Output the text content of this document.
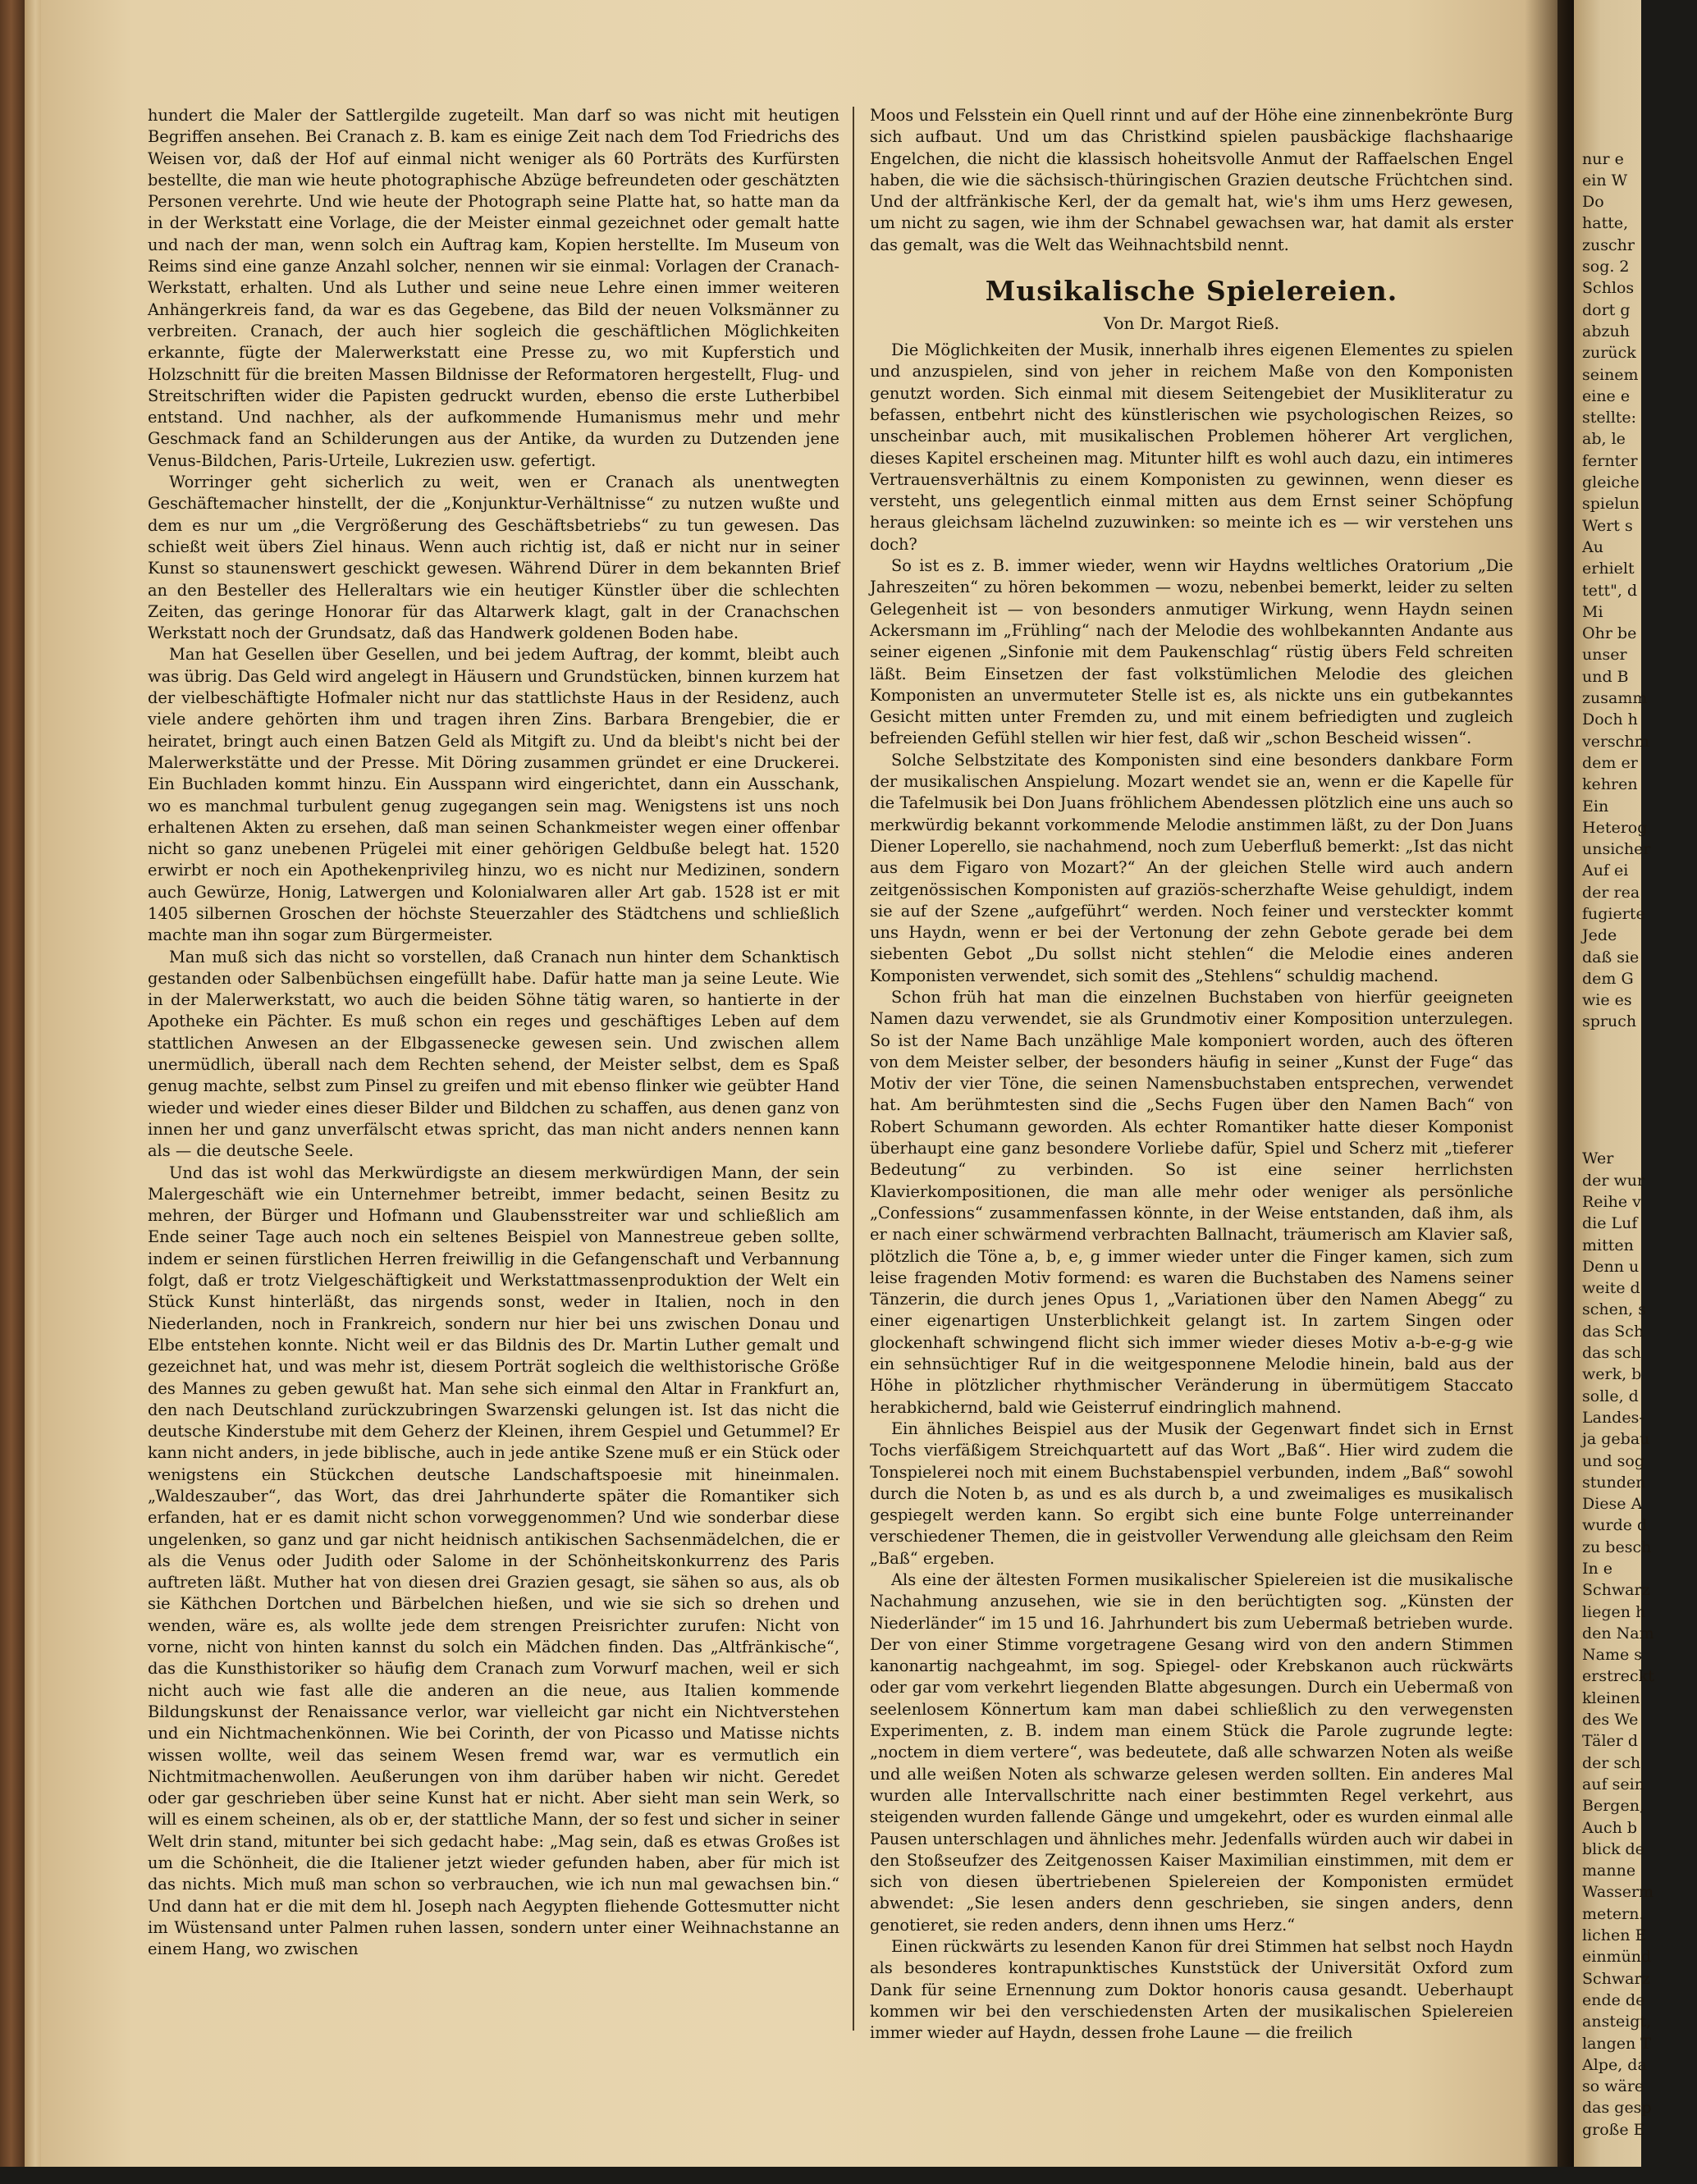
hundert die Maler der Sattlergilde zugeteilt. Man darf so was nicht mit heutigen Begriffen ansehen. Bei Cranach z. B. kam es einige Zeit nach dem Tod Friedrichs des Weisen vor, daß der Hof auf einmal nicht weniger als 60 Porträts des Kurfürsten bestellte, die man wie heute photographische Abzüge befreundeten oder geschätzten Personen verehrte. Und wie heute der Photograph seine Platte hat, so hatte man da in der Werkstatt eine Vorlage, die der Meister einmal gezeichnet oder gemalt hatte und nach der man, wenn solch ein Auftrag kam, Kopien herstellte. Im Museum von Reims sind eine ganze Anzahl solcher, nennen wir sie einmal: Vorlagen der Cranach-Werkstatt, erhalten. Und als Luther und seine neue Lehre einen immer weiteren Anhängerkreis fand, da war es das Gegebene, das Bild der neuen Volksmänner zu verbreiten. Cranach, der auch hier sogleich die geschäftlichen Möglichkeiten erkannte, fügte der Malerwerkstatt eine Presse zu, wo mit Kupferstich und Holzschnitt für die breiten Massen Bildnisse der Reformatoren hergestellt, Flug- und Streitschriften wider die Papisten gedruckt wurden, ebenso die erste Lutherbibel entstand. Und nachher, als der aufkommende Humanismus mehr und mehr Geschmack fand an Schilderungen aus der Antike, da wurden zu Dutzenden jene Venus-Bildchen, Paris-Urteile, Lukrezien usw. gefertigt.

Worringer geht sicherlich zu weit, wen er Cranach als unentwegten Geschäftemacher hinstellt, der die „Konjunktur-Verhältnisse“ zu nutzen wußte und dem es nur um „die Vergrößerung des Geschäftsbetriebs“ zu tun gewesen. Das schießt weit übers Ziel hinaus. Wenn auch richtig ist, daß er nicht nur in seiner Kunst so staunenswert geschickt gewesen. Während Dürer in dem bekannten Brief an den Besteller des Helleraltars wie ein heutiger Künstler über die schlechten Zeiten, das geringe Honorar für das Altarwerk klagt, galt in der Cranachschen Werkstatt noch der Grundsatz, daß das Handwerk goldenen Boden habe.

Man hat Gesellen über Gesellen, und bei jedem Auftrag, der kommt, bleibt auch was übrig. Das Geld wird angelegt in Häusern und Grundstücken, binnen kurzem hat der vielbeschäftigte Hofmaler nicht nur das stattlichste Haus in der Residenz, auch viele andere gehörten ihm und tragen ihren Zins. Barbara Brengebier, die er heiratet, bringt auch einen Batzen Geld als Mitgift zu. Und da bleibt's nicht bei der Malerwerkstätte und der Presse. Mit Döring zusammen gründet er eine Druckerei. Ein Buchladen kommt hinzu. Ein Ausspann wird eingerichtet, dann ein Ausschank, wo es manchmal turbulent genug zugegangen sein mag. Wenigstens ist uns noch erhaltenen Akten zu ersehen, daß man seinen Schankmeister wegen einer offenbar nicht so ganz unebenen Prügelei mit einer gehörigen Geldbuße belegt hat. 1520 erwirbt er noch ein Apothekenprivileg hinzu, wo es nicht nur Medizinen, sondern auch Gewürze, Honig, Latwergen und Kolonialwaren aller Art gab. 1528 ist er mit 1405 silbernen Groschen der höchste Steuerzahler des Städtchens und schließlich machte man ihn sogar zum Bürgermeister.

Man muß sich das nicht so vorstellen, daß Cranach nun hinter dem Schanktisch gestanden oder Salbenbüchsen eingefüllt habe. Dafür hatte man ja seine Leute. Wie in der Malerwerkstatt, wo auch die beiden Söhne tätig waren, so hantierte in der Apotheke ein Pächter. Es muß schon ein reges und geschäftiges Leben auf dem stattlichen Anwesen an der Elbgassenecke gewesen sein. Und zwischen allem unermüdlich, überall nach dem Rechten sehend, der Meister selbst, dem es Spaß genug machte, selbst zum Pinsel zu greifen und mit ebenso flinker wie geübter Hand wieder und wieder eines dieser Bilder und Bildchen zu schaffen, aus denen ganz von innen her und ganz unverfälscht etwas spricht, das man nicht anders nennen kann als — die deutsche Seele.

Und das ist wohl das Merkwürdigste an diesem merkwürdigen Mann, der sein Malergeschäft wie ein Unternehmer betreibt, immer bedacht, seinen Besitz zu mehren, der Bürger und Hofmann und Glaubensstreiter war und schließlich am Ende seiner Tage auch noch ein seltenes Beispiel von Mannestreue geben sollte, indem er seinen fürstlichen Herren freiwillig in die Gefangenschaft und Verbannung folgt, daß er trotz Vielgeschäftigkeit und Werkstattmassenproduktion der Welt ein Stück Kunst hinterläßt, das nirgends sonst, weder in Italien, noch in den Niederlanden, noch in Frankreich, sondern nur hier bei uns zwischen Donau und Elbe entstehen konnte. Nicht weil er das Bildnis des Dr. Martin Luther gemalt und gezeichnet hat, und was mehr ist, diesem Porträt sogleich die welthistorische Größe des Mannes zu geben gewußt hat. Man sehe sich einmal den Altar in Frankfurt an, den nach Deutschland zurückzubringen Swarzenski gelungen ist. Ist das nicht die deutsche Kinderstube mit dem Geherz der Kleinen, ihrem Gespiel und Getummel? Er kann nicht anders, in jede biblische, auch in jede antike Szene muß er ein Stück oder wenigstens ein Stückchen deutsche Landschaftspoesie mit hineinmalen. „Waldeszauber“, das Wort, das drei Jahrhunderte später die Romantiker sich erfanden, hat er es damit nicht schon vorweggenommen? Und wie sonderbar diese ungelenken, so ganz und gar nicht heidnisch antikischen Sachsenmädelchen, die er als die Venus oder Judith oder Salome in der Schönheitskonkurrenz des Paris auftreten läßt. Muther hat von diesen drei Grazien gesagt, sie sähen so aus, als ob sie Käthchen Dortchen und Bärbelchen hießen, und wie sie sich so drehen und wenden, wäre es, als wollte jede dem strengen Preisrichter zurufen: Nicht von vorne, nicht von hinten kannst du solch ein Mädchen finden. Das „Altfränkische“, das die Kunsthistoriker so häufig dem Cranach zum Vorwurf machen, weil er sich nicht auch wie fast alle die anderen an die neue, aus Italien kommende Bildungskunst der Renaissance verlor, war vielleicht gar nicht ein Nichtverstehen und ein Nichtmachenkönnen. Wie bei Corinth, der von Picasso und Matisse nichts wissen wollte, weil das seinem Wesen fremd war, war es vermutlich ein Nichtmitmachenwollen. Aeußerungen von ihm darüber haben wir nicht. Geredet oder gar geschrieben über seine Kunst hat er nicht. Aber sieht man sein Werk, so will es einem scheinen, als ob er, der stattliche Mann, der so fest und sicher in seiner Welt drin stand, mitunter bei sich gedacht habe: „Mag sein, daß es etwas Großes ist um die Schönheit, die die Italiener jetzt wieder gefunden haben, aber für mich ist das nichts. Mich muß man schon so verbrauchen, wie ich nun mal gewachsen bin.“ Und dann hat er die mit dem hl. Joseph nach Aegypten fliehende Gottesmutter nicht im Wüstensand unter Palmen ruhen lassen, sondern unter einer Weihnachstanne an einem Hang, wo zwischen

Moos und Felsstein ein Quell rinnt und auf der Höhe eine zinnenbekrönte Burg sich aufbaut. Und um das Christkind spielen pausbäckige flachshaarige Engelchen, die nicht die klassisch hoheitsvolle Anmut der Raffaelschen Engel haben, die wie die sächsisch-thüringischen Grazien deutsche Früchtchen sind. Und der altfränkische Kerl, der da gemalt hat, wie's ihm ums Herz gewesen, um nicht zu sagen, wie ihm der Schnabel gewachsen war, hat damit als erster das gemalt, was die Welt das Weihnachtsbild nennt.

Musikalische Spielereien.
Von Dr. Margot Rieß.

Die Möglichkeiten der Musik, innerhalb ihres eigenen Elementes zu spielen und anzuspielen, sind von jeher in reichem Maße von den Komponisten genutzt worden. Sich einmal mit diesem Seitengebiet der Musikliteratur zu befassen, entbehrt nicht des künstlerischen wie psychologischen Reizes, so unscheinbar auch, mit musikalischen Problemen höherer Art verglichen, dieses Kapitel erscheinen mag. Mitunter hilft es wohl auch dazu, ein intimeres Vertrauensverhältnis zu einem Komponisten zu gewinnen, wenn dieser es versteht, uns gelegentlich einmal mitten aus dem Ernst seiner Schöpfung heraus gleichsam lächelnd zuzuwinken: so meinte ich es — wir verstehen uns doch?

So ist es z. B. immer wieder, wenn wir Haydns weltliches Oratorium „Die Jahreszeiten“ zu hören bekommen — wozu, nebenbei bemerkt, leider zu selten Gelegenheit ist — von besonders anmutiger Wirkung, wenn Haydn seinen Ackersmann im „Frühling“ nach der Melodie des wohlbekannten Andante aus seiner eigenen „Sinfonie mit dem Paukenschlag“ rüstig übers Feld schreiten läßt. Beim Einsetzen der fast volkstümlichen Melodie des gleichen Komponisten an unvermuteter Stelle ist es, als nickte uns ein gutbekanntes Gesicht mitten unter Fremden zu, und mit einem befriedigten und zugleich befreienden Gefühl stellen wir hier fest, daß wir „schon Bescheid wissen“.

Solche Selbstzitate des Komponisten sind eine besonders dankbare Form der musikalischen Anspielung. Mozart wendet sie an, wenn er die Kapelle für die Tafelmusik bei Don Juans fröhlichem Abendessen plötzlich eine uns auch so merkwürdig bekannt vorkommende Melodie anstimmen läßt, zu der Don Juans Diener Loperello, sie nachahmend, noch zum Ueberfluß bemerkt: „Ist das nicht aus dem Figaro von Mozart?“ An der gleichen Stelle wird auch andern zeitgenössischen Komponisten auf graziös-scherzhafte Weise gehuldigt, indem sie auf der Szene „aufgeführt“ werden. Noch feiner und versteckter kommt uns Haydn, wenn er bei der Vertonung der zehn Gebote gerade bei dem siebenten Gebot „Du sollst nicht stehlen“ die Melodie eines anderen Komponisten verwendet, sich somit des „Stehlens“ schuldig machend.

Schon früh hat man die einzelnen Buchstaben von hierfür geeigneten Namen dazu verwendet, sie als Grundmotiv einer Komposition unterzulegen. So ist der Name Bach unzählige Male komponiert worden, auch des öfteren von dem Meister selber, der besonders häufig in seiner „Kunst der Fuge“ das Motiv der vier Töne, die seinen Namensbuchstaben entsprechen, verwendet hat. Am berühmtesten sind die „Sechs Fugen über den Namen Bach“ von Robert Schumann geworden. Als echter Romantiker hatte dieser Komponist überhaupt eine ganz besondere Vorliebe dafür, Spiel und Scherz mit „tieferer Bedeutung“ zu verbinden. So ist eine seiner herrlichsten Klavierkompositionen, die man alle mehr oder weniger als persönliche „Confessions“ zusammenfassen könnte, in der Weise entstanden, daß ihm, als er nach einer schwärmend verbrachten Ballnacht, träumerisch am Klavier saß, plötzlich die Töne a, b, e, g immer wieder unter die Finger kamen, sich zum leise fragenden Motiv formend: es waren die Buchstaben des Namens seiner Tänzerin, die durch jenes Opus 1, „Variationen über den Namen Abegg“ zu einer eigenartigen Unsterblichkeit gelangt ist. In zartem Singen oder glockenhaft schwingend flicht sich immer wieder dieses Motiv a-b-e-g-g wie ein sehnsüchtiger Ruf in die weitgesponnene Melodie hinein, bald aus der Höhe in plötzlicher rhythmischer Veränderung in übermütigem Staccato herabkichernd, bald wie Geisterruf eindringlich mahnend.

Ein ähnliches Beispiel aus der Musik der Gegenwart findet sich in Ernst Tochs vierfäßigem Streichquartett auf das Wort „Baß“. Hier wird zudem die Tonspielerei noch mit einem Buchstabenspiel verbunden, indem „Baß“ sowohl durch die Noten b, as und es als durch b, a und zweimaliges es musikalisch gespiegelt werden kann. So ergibt sich eine bunte Folge unterreinander verschiedener Themen, die in geistvoller Verwendung alle gleichsam den Reim „Baß“ ergeben.

Als eine der ältesten Formen musikalischer Spielereien ist die musikalische Nachahmung anzusehen, wie sie in den berüchtigten sog. „Künsten der Niederländer“ im 15 und 16. Jahrhundert bis zum Uebermaß betrieben wurde. Der von einer Stimme vorgetragene Gesang wird von den andern Stimmen kanonartig nachgeahmt, im sog. Spiegel- oder Krebskanon auch rückwärts oder gar vom verkehrt liegenden Blatte abgesungen. Durch ein Uebermaß von seelenlosem Könnertum kam man dabei schließlich zu den verwegensten Experimenten, z. B. indem man einem Stück die Parole zugrunde legte: „noctem in diem vertere“, was bedeutete, daß alle schwarzen Noten als weiße und alle weißen Noten als schwarze gelesen werden sollten. Ein anderes Mal wurden alle Intervallschritte nach einer bestimmten Regel verkehrt, aus steigenden wurden fallende Gänge und umgekehrt, oder es wurden einmal alle Pausen unterschlagen und ähnliches mehr. Jedenfalls würden auch wir dabei in den Stoßseufzer des Zeitgenossen Kaiser Maximilian einstimmen, mit dem er sich von diesen übertriebenen Spielereien der Komponisten ermüdet abwendet: „Sie lesen anders denn geschrieben, sie singen anders, denn genotieret, sie reden anders, denn ihnen ums Herz.“

Einen rückwärts zu lesenden Kanon für drei Stimmen hat selbst noch Haydn als besonderes kontrapunktisches Kunststück der Universität Oxford zum Dank für seine Ernennung zum Doktor honoris causa gesandt. Ueberhaupt kommen wir bei den verschiedensten Arten der musikalischen Spielereien immer wieder auf Haydn, dessen frohe Laune — die freilich

nur e
ein W
Do
hatte,
zuschr
sog. 2
Schlos
dort g
abzuh
zurück
seinem
eine e
stellte:
ab, le
fernter
gleiche
spielun
Wert s
Au
erhielt
tett", d
Mi
Ohr be
unser
und B
zusamm
Doch h
verschm
dem er
kehren
Ein
Heterog
unsicher
Auf ei
der rea
fugierte
Jede
daß sie
dem G
wie es
spruch

Wer
der wur
Reihe v
die Luf
mitten
Denn u
weite d
schen, s
das Sch
das sch
werk, b
solle, d
Landes-
ja gebau
und sog
stunden
Diese A
wurde d
zu besch
In e
Schwarz
liegen h
den Nam
Name s
erstreckt
kleinen
des We
Täler d
der sch
auf sein
Bergen,
Auch b
blick de
manne
Wasserm
metern.
lichen E
einmünd
Schwarz
ende de
ansteigt,
langen T
Alpe, da
so wäre
das gesp
große E
